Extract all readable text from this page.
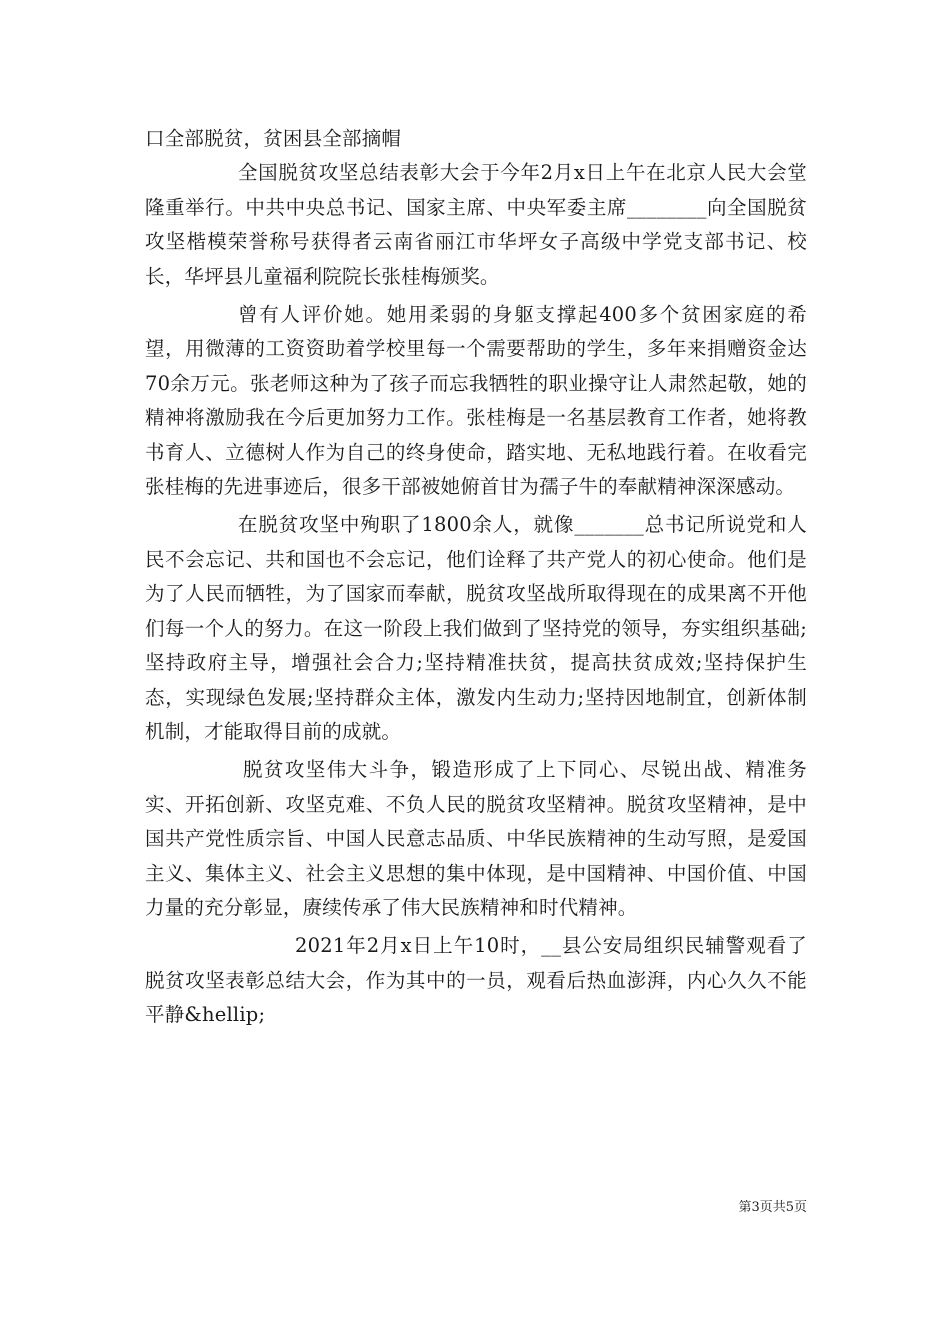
口全部脱贫，贫困县全部摘帽

全国脱贫攻坚总结表彰大会于今年2月x日上午在北京人民大会堂隆重举行。中共中央总书记、国家主席、中央军委主席________向全国脱贫攻坚楷模荣誉称号获得者云南省丽江市华坪女子高级中学党支部书记、校长，华坪县儿童福利院院长张桂梅颁奖。

曾有人评价她。她用柔弱的身躯支撑起400多个贫困家庭的希望，用微薄的工资资助着学校里每一个需要帮助的学生，多年来捐赠资金达70余万元。张老师这种为了孩子而忘我牺牲的职业操守让人肃然起敬，她的精神将激励我在今后更加努力工作。张桂梅是一名基层教育工作者，她将教书育人、立德树人作为自己的终身使命，踏实地、无私地践行着。在收看完张桂梅的先进事迹后，很多干部被她俯首甘为孺子牛的奉献精神深深感动。

在脱贫攻坚中殉职了1800余人，就像_______总书记所说党和人民不会忘记、共和国也不会忘记，他们诠释了共产党人的初心使命。他们是为了人民而牺牲，为了国家而奉献，脱贫攻坚战所取得现在的成果离不开他们每一个人的努力。在这一阶段上我们做到了坚持党的领导，夯实组织基础;坚持政府主导，增强社会合力;坚持精准扶贫，提高扶贫成效;坚持保护生态，实现绿色发展;坚持群众主体，激发内生动力;坚持因地制宜，创新体制机制，才能取得目前的成就。

脱贫攻坚伟大斗争，锻造形成了上下同心、尽锐出战、精准务实、开拓创新、攻坚克难、不负人民的脱贫攻坚精神。脱贫攻坚精神，是中国共产党性质宗旨、中国人民意志品质、中华民族精神的生动写照，是爱国主义、集体主义、社会主义思想的集中体现，是中国精神、中国价值、中国力量的充分彰显，赓续传承了伟大民族精神和时代精神。

2021年2月x日上午10时，__县公安局组织民辅警观看了脱贫攻坚表彰总结大会，作为其中的一员，观看后热血澎湃，内心久久不能平静&hellip;

第3页共5页
